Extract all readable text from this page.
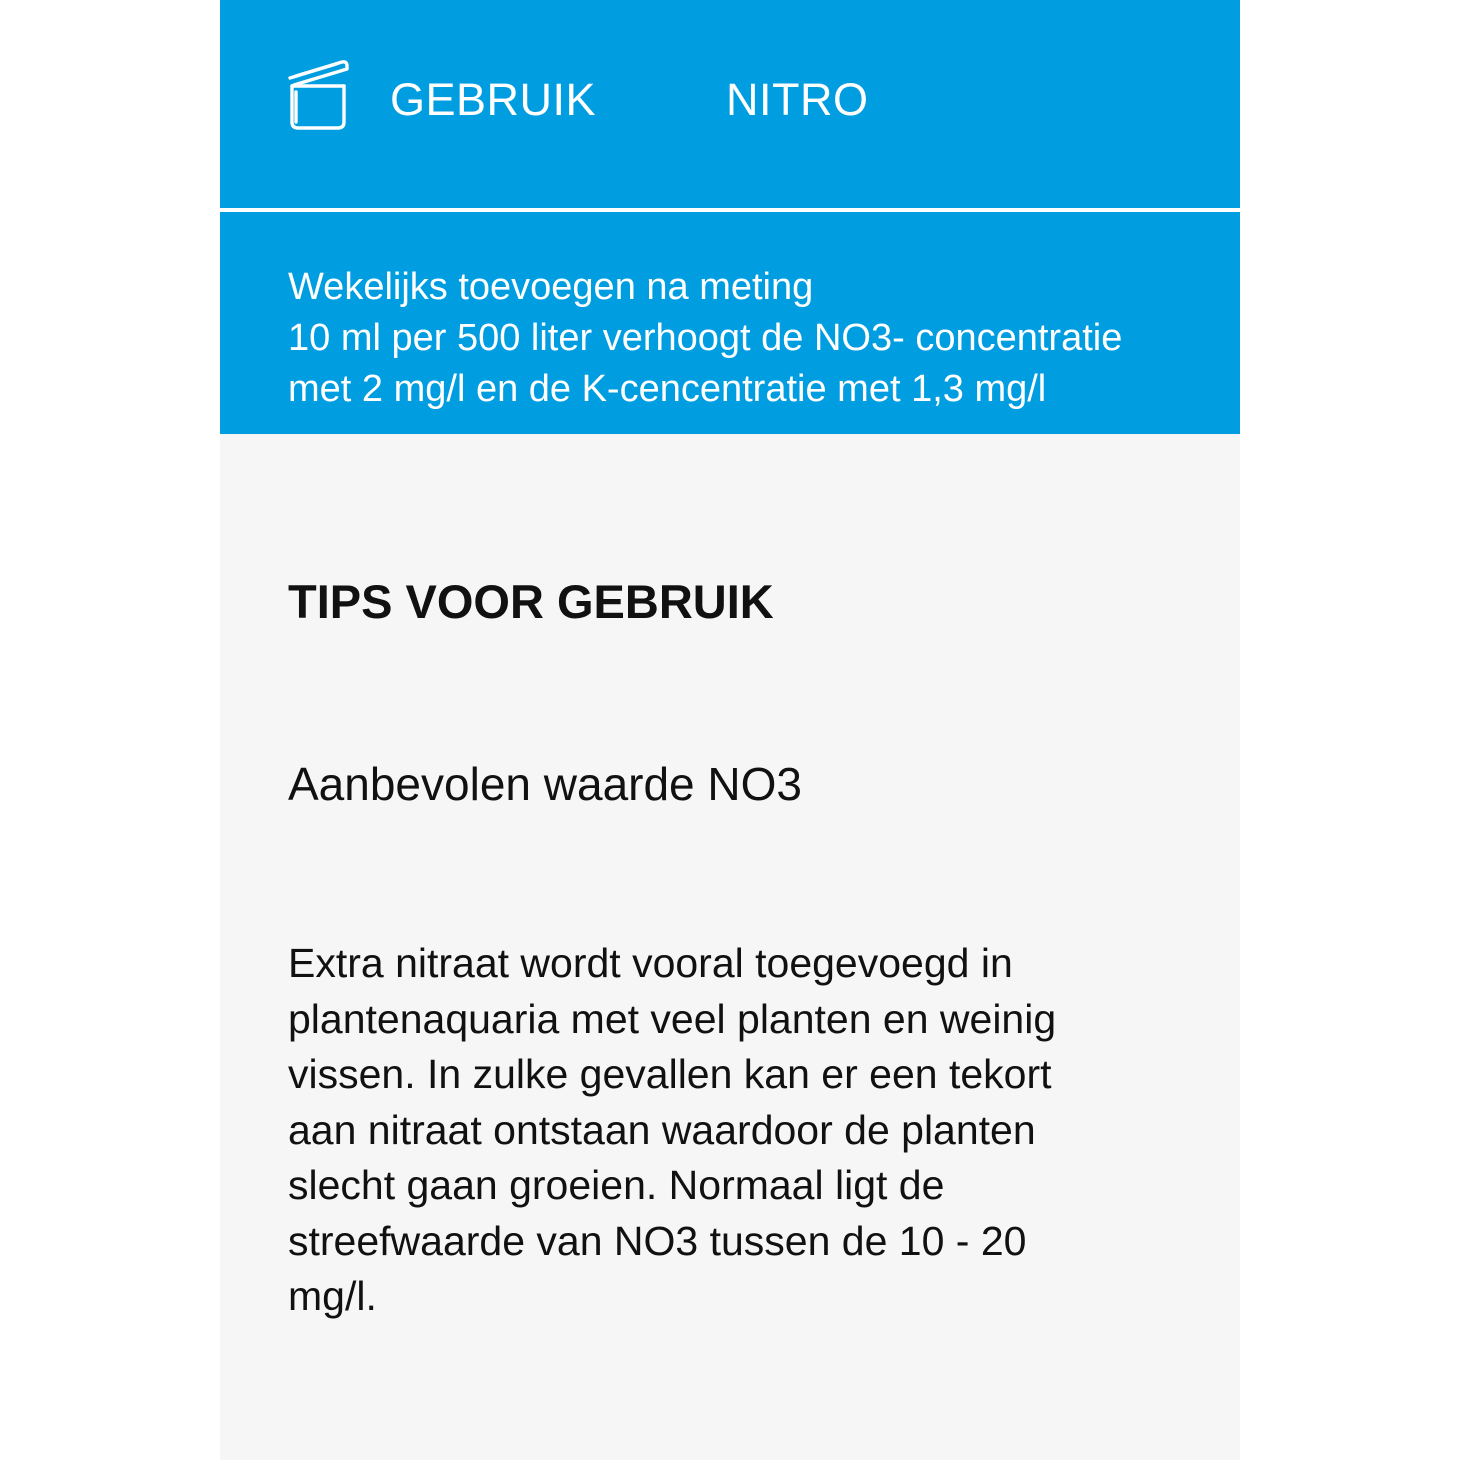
GEBRUIK	NITRO
Wekelijks toevoegen na meting
10 ml per 500 liter verhoogt de NO3- concentratie
met 2 mg/l en de K-cencentratie met 1,3 mg/l
TIPS VOOR GEBRUIK
Aanbevolen waarde NO3
Extra nitraat wordt vooral toegevoegd in
plantenaquaria met veel planten en weinig
vissen. In zulke gevallen kan er een tekort
aan nitraat ontstaan waardoor de planten
slecht gaan groeien. Normaal ligt de
streefwaarde van NO3 tussen de 10 - 20
mg/l.
